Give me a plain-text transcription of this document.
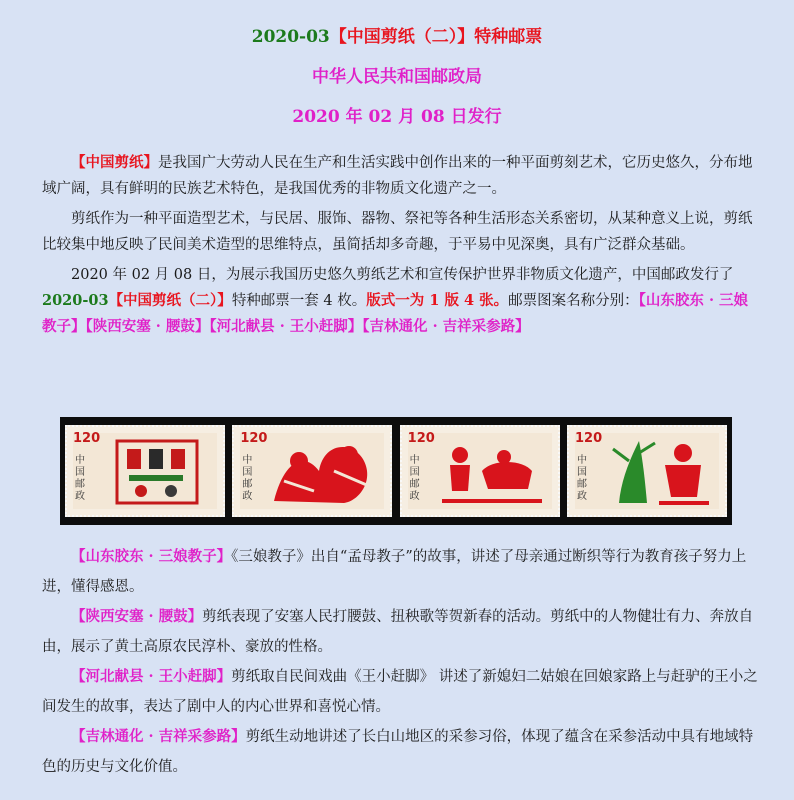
2020-03【中国剪纸（二）】特种邮票
中华人民共和国邮政局
2020 年 02 月 08 日发行

【中国剪纸】是我国广大劳动人民在生产和生活实践中创作出来的一种平面剪刻艺术，它历史悠久，分布地域广阔，具有鲜明的民族艺术特色，是我国优秀的非物质文化遗产之一。

剪纸作为一种平面造型艺术，与民居、服饰、器物、祭祀等各种生活形态关系密切，从某种意义上说，剪纸比较集中地反映了民间美术造型的思维特点，虽简括却多奇趣，于平易中见深奥，具有广泛群众基础。

2020 年 02 月 08 日，为展示我国历史悠久剪纸艺术和宣传保护世界非物质文化遗产，中国邮政发行了 2020-03【中国剪纸（二）】特种邮票一套 4 枚。版式一为 1 版 4 张。邮票图案名称分别：【山东胶东 · 三娘教子】【陕西安塞 · 腰鼓】【河北献县 · 王小赶脚】【吉林通化 · 吉祥采参路】

120
中国邮政
120
中国邮政
120
中国邮政
120
中国邮政

【山东胶东 · 三娘教子】《三娘教子》出自“孟母教子”的故事，讲述了母亲通过断织等行为教育孩子努力上进，懂得感恩。

【陕西安塞 · 腰鼓】剪纸表现了安塞人民打腰鼓、扭秧歌等贺新春的活动。剪纸中的人物健壮有力、奔放自由，展示了黄土高原农民淳朴、豪放的性格。

【河北献县 · 王小赶脚】剪纸取自民间戏曲《王小赶脚》 讲述了新媳妇二姑娘在回娘家路上与赶驴的王小之间发生的故事，表达了剧中人的内心世界和喜悦心情。

【吉林通化 · 吉祥采参路】剪纸生动地讲述了长白山地区的采参习俗，体现了蕴含在采参活动中具有地域特色的历史与文化价值。
